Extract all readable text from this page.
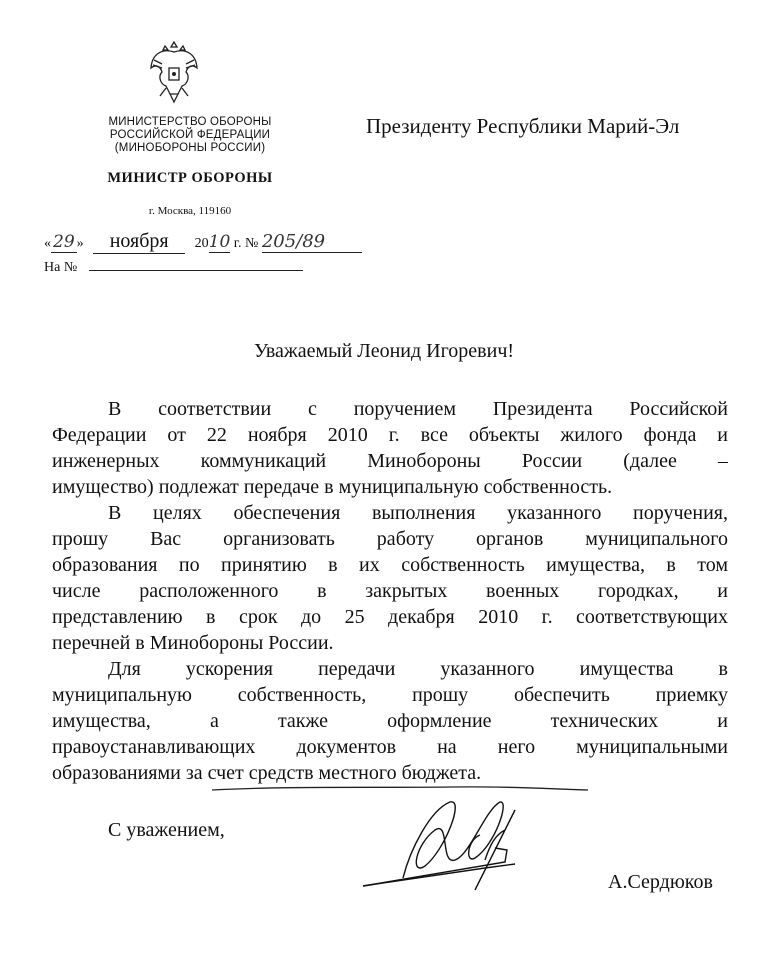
МИНИСТЕРСТВО ОБОРОНЫ
РОССИЙСКОЙ ФЕДЕРАЦИИ
(МИНОБОРОНЫ РОССИИ)
МИНИСТР ОБОРОНЫ
г. Москва, 119160
« 29 » ноября 2010 г. № 205/89
На №
Президенту Республики Марий-Эл
Уважаемый Леонид Игоревич!
В соответствии с поручением Президента Российской
Федерации от 22 ноября 2010 г. все объекты жилого фонда и
инженерных коммуникаций Минобороны России (далее –
имущество) подлежат передаче в муниципальную собственность.
В целях обеспечения выполнения указанного поручения,
прошу Вас организовать работу органов муниципального
образования по принятию в их собственность имущества, в том
числе расположенного в закрытых военных городках, и
представлению в срок до 25 декабря 2010 г. соответствующих
перечней в Минобороны России.
Для ускорения передачи указанного имущества в
муниципальную собственность, прошу обеспечить приемку
имущества, а также оформление технических и
правоустанавливающих документов на него муниципальными
образованиями за счет средств местного бюджета.
С уважением,
А.Сердюков
